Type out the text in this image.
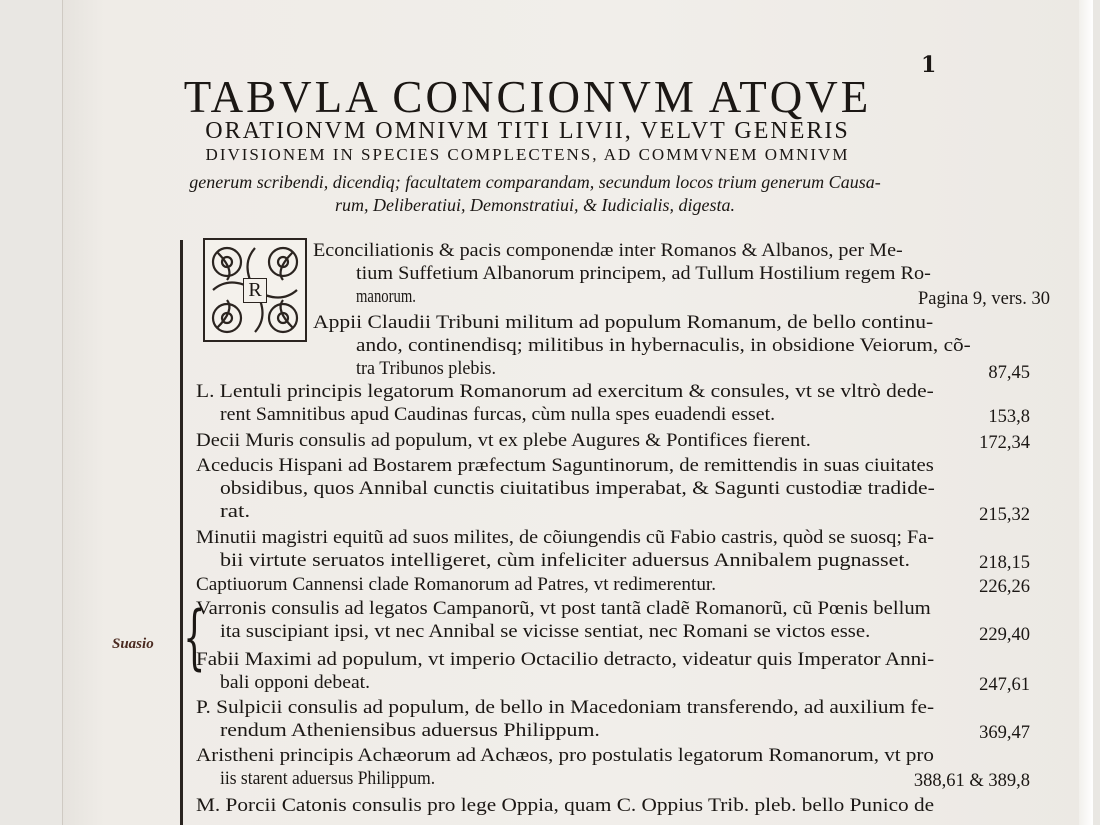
1
TABVLA CONCIONVM ATQVE
ORATIONVM OMNIVM TITI LIVII, VELVT GENERIS
DIVISIONEM IN SPECIES COMPLECTENS, AD COMMVNEM OMNIVM
generum scribendi, dicendiq; facultatem comparandam, secundum locos trium generum Causa-
rum, Deliberatiui, Demonstratiui, & Iudicialis, digesta.
{
Suasio
R
Econciliationis & pacis componendæ inter Romanos & Albanos, per Me-
tium Suffetium Albanorum principem, ad Tullum Hostilium regem Ro-
manorum.	Pagina 9, vers. 30
Appii Claudii Tribuni militum ad populum Romanum, de bello continu-
ando, continendisq; militibus in hybernaculis, in obsidione Veiorum, cõ-
tra Tribunos plebis.	87,45
L. Lentuli principis legatorum Romanorum ad exercitum & consules, vt se vltrò dede-
rent Samnitibus apud Caudinas furcas, cùm nulla spes euadendi esset.	153,8
Decii Muris consulis ad populum, vt ex plebe Augures & Pontifices fierent.	172,34
Aceducis Hispani ad Bostarem præfectum Saguntinorum, de remittendis in suas ciuitates
obsidibus, quos Annibal cunctis ciuitatibus imperabat, & Sagunti custodiæ tradide-
rat.	215,32
Minutii magistri equitũ ad suos milites, de cõiungendis cũ Fabio castris, quòd se suosq; Fa-
bii virtute seruatos intelligeret, cùm infeliciter aduersus Annibalem pugnasset.	218,15
Captiuorum Cannensi clade Romanorum ad Patres, vt redimerentur.	226,26
Varronis consulis ad legatos Campanorũ, vt post tantã cladẽ Romanorũ, cũ Pœnis bellum
ita suscipiant ipsi, vt nec Annibal se vicisse sentiat, nec Romani se victos esse.	229,40
Fabii Maximi ad populum, vt imperio Octacilio detracto, videatur quis Imperator Anni-
bali opponi debeat.	247,61
P. Sulpicii consulis ad populum, de bello in Macedoniam transferendo, ad auxilium fe-
rendum Atheniensibus aduersus Philippum.	369,47
Aristheni principis Achæorum ad Achæos, pro postulatis legatorum Romanorum, vt pro
iis starent aduersus Philippum.	388,61 & 389,8
M. Porcii Catonis consulis pro lege Oppia, quam C. Oppius Trib. pleb. bello Punico de
